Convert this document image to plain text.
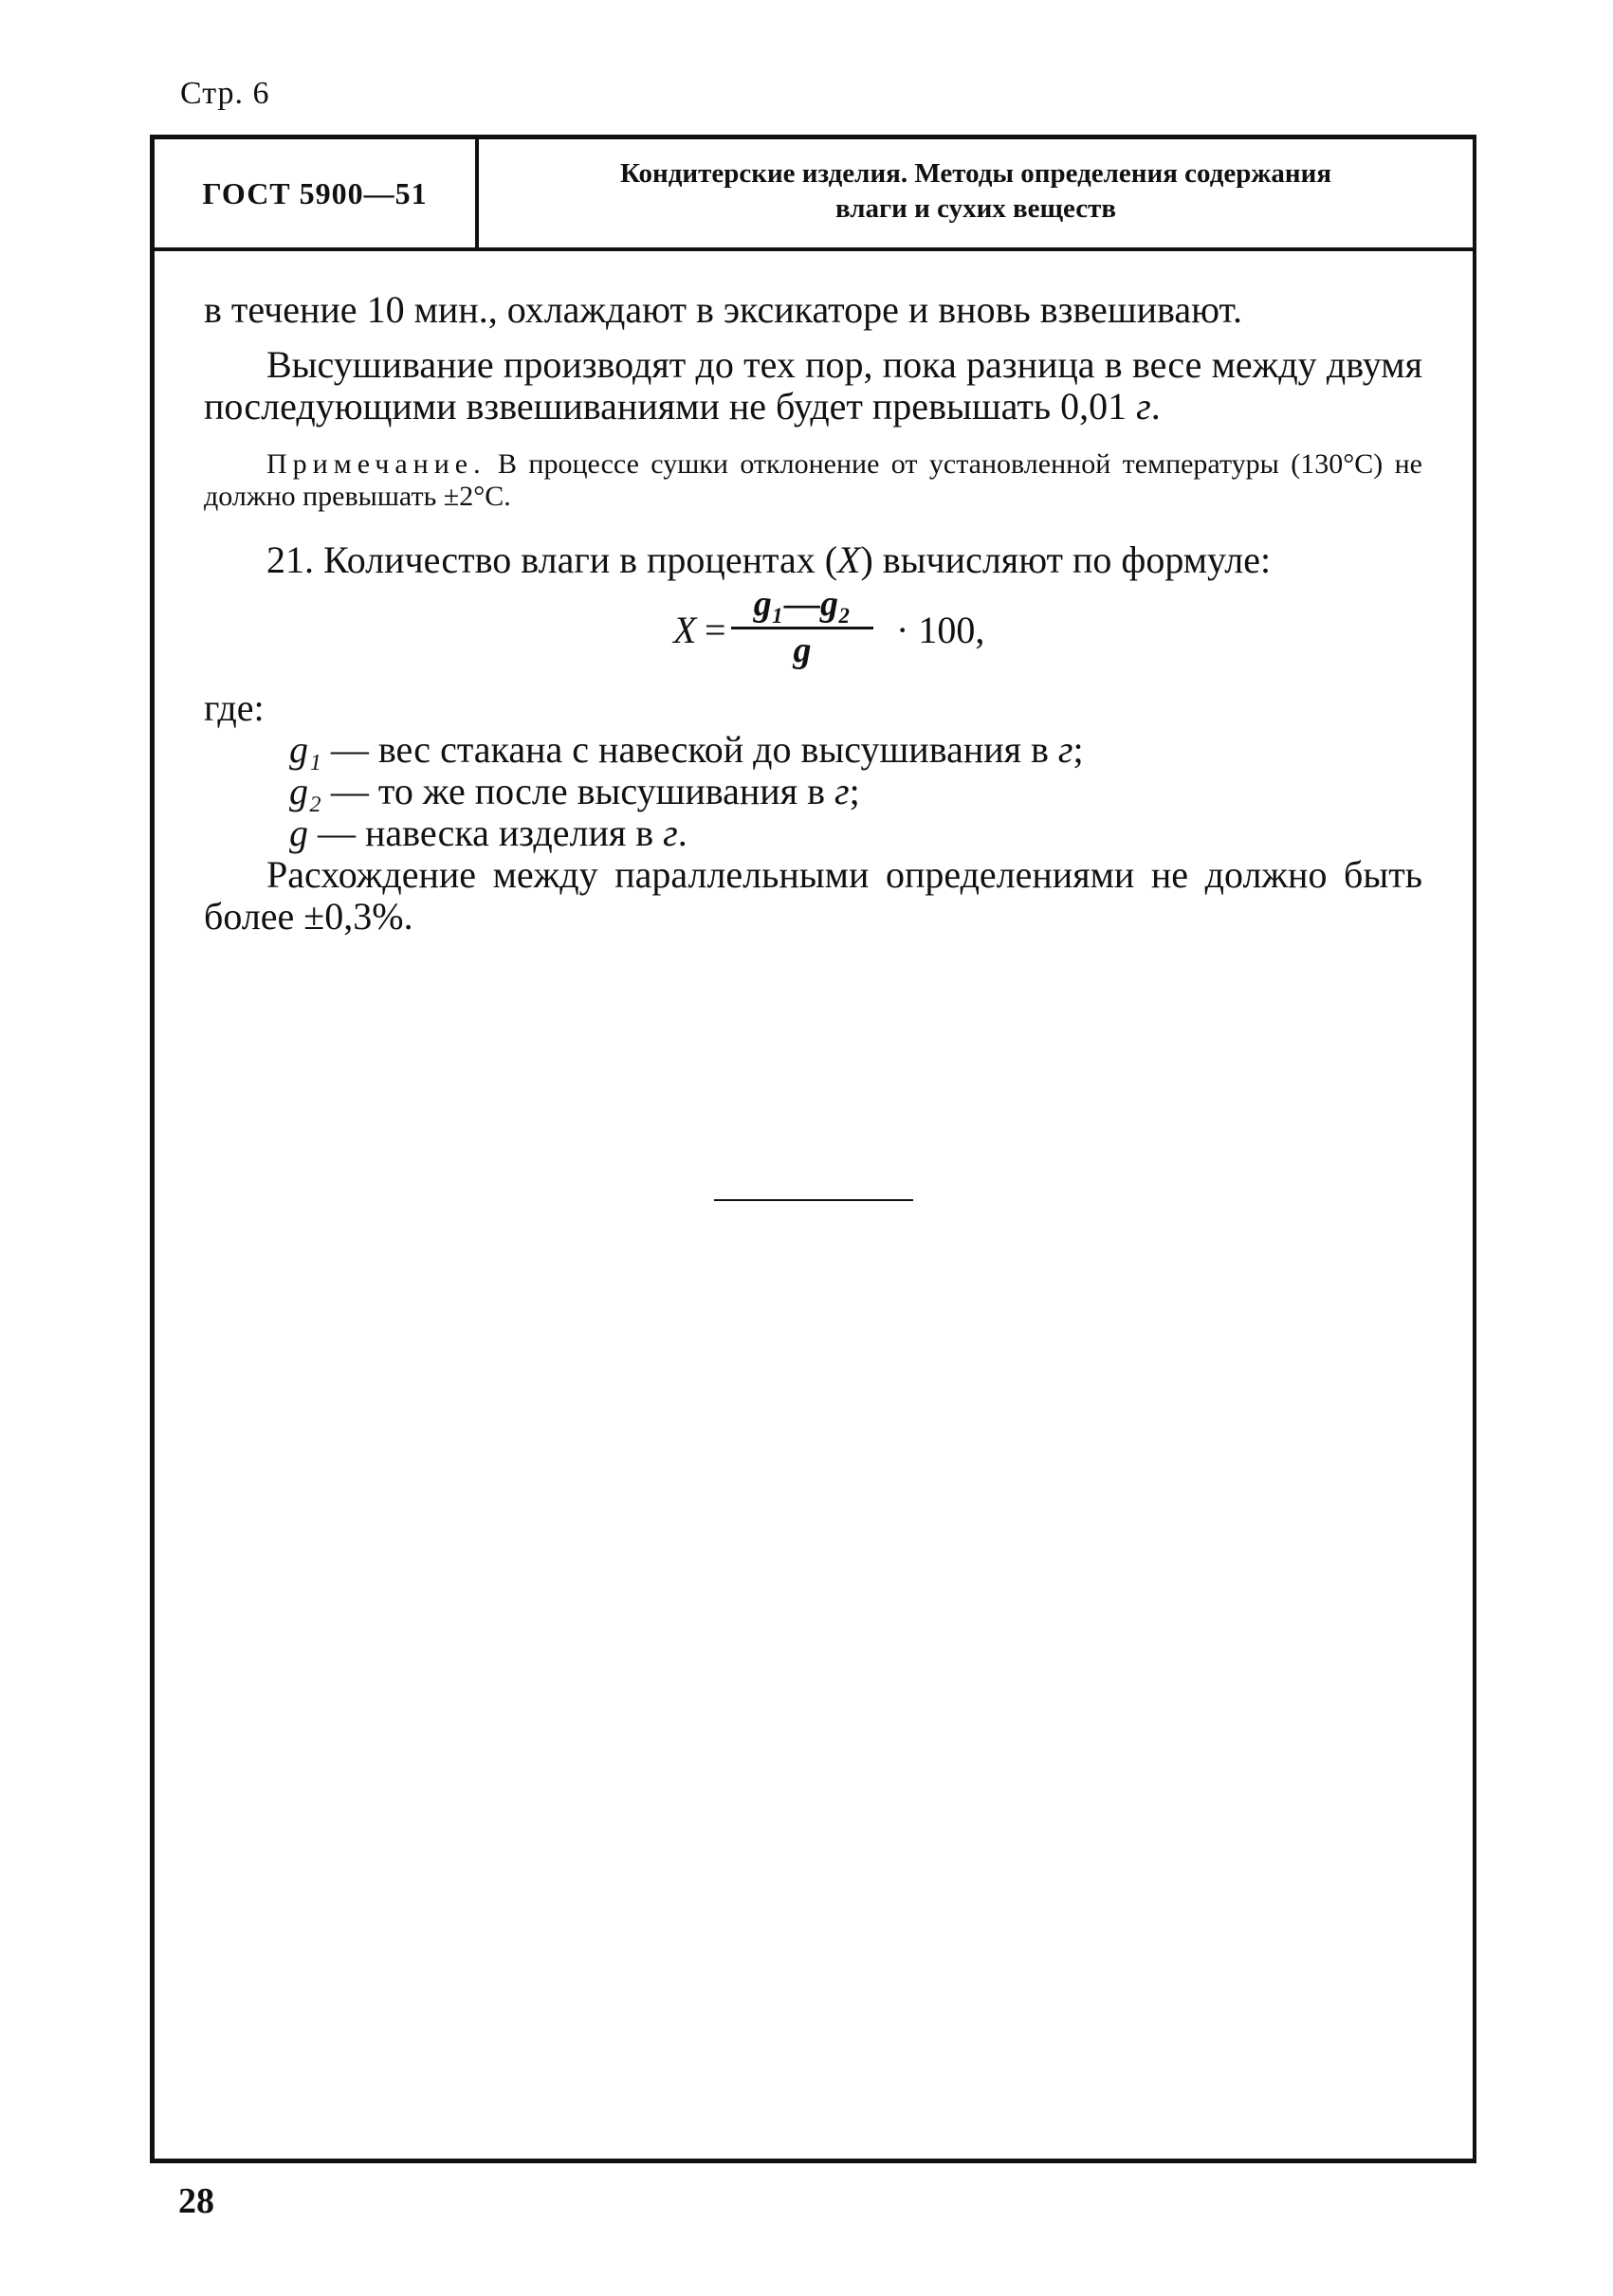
Стр. 6
ГОСТ 5900—51
Кондитерские изделия. Методы определения содержания
влаги и сухих веществ

в течение 10 мин., охлаждают в эксикаторе и вновь взвешивают.

Высушивание производят до тех пор, пока разница в весе между двумя последующими взвешиваниями не будет превышать 0,01 г.

Примечание. В процессе сушки отклонение от установленной температуры (130°С) не должно превышать ±2°С.

21. Количество влаги в процентах (X) вычисляют по формуле:

$X = \frac{\text{g₁—g₂}}{g} \cdot 100$,

где:

g₁ — вес стакана с навеской до высушивания в г;

g₂ — то же после высушивания в г;

g — навеска изделия в г.

Расхождение между параллельными определениями не должно быть более ±0,3%.

28
